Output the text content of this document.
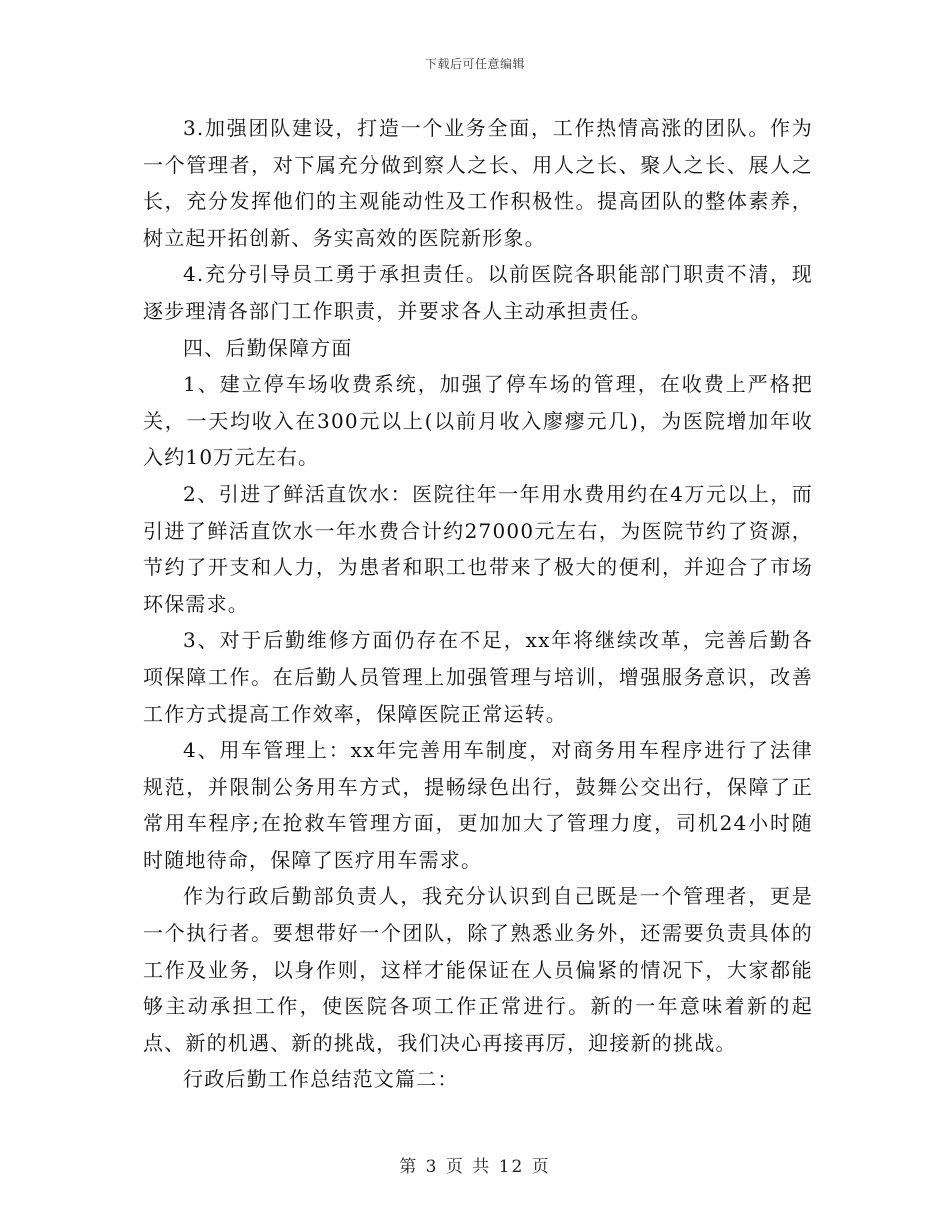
下载后可任意编辑

3.加强团队建设，打造一个业务全面，工作热情高涨的团队。作为一个管理者，对下属充分做到察人之长、用人之长、聚人之长、展人之长，充分发挥他们的主观能动性及工作积极性。提高团队的整体素养，树立起开拓创新、务实高效的医院新形象。

4.充分引导员工勇于承担责任。以前医院各职能部门职责不清，现逐步理清各部门工作职责，并要求各人主动承担责任。

四、后勤保障方面

1、建立停车场收费系统，加强了停车场的管理，在收费上严格把关，一天均收入在300元以上(以前月收入廖瘳元几)，为医院增加年收入约10万元左右。

2、引进了鲜活直饮水：医院往年一年用水费用约在4万元以上，而引进了鲜活直饮水一年水费合计约27000元左右，为医院节约了资源，节约了开支和人力，为患者和职工也带来了极大的便利，并迎合了市场环保需求。

3、对于后勤维修方面仍存在不足，xx年将继续改革，完善后勤各项保障工作。在后勤人员管理上加强管理与培训，增强服务意识，改善工作方式提高工作效率，保障医院正常运转。

4、用车管理上：xx年完善用车制度，对商务用车程序进行了法律规范，并限制公务用车方式，提畅绿色出行，鼓舞公交出行，保障了正常用车程序;在抢救车管理方面，更加加大了管理力度，司机24小时随时随地待命，保障了医疗用车需求。

作为行政后勤部负责人，我充分认识到自己既是一个管理者，更是一个执行者。要想带好一个团队，除了熟悉业务外，还需要负责具体的工作及业务，以身作则，这样才能保证在人员偏紧的情况下，大家都能够主动承担工作，使医院各项工作正常进行。新的一年意味着新的起点、新的机遇、新的挑战，我们决心再接再厉，迎接新的挑战。

行政后勤工作总结范文篇二：

第 3 页 共 12 页
